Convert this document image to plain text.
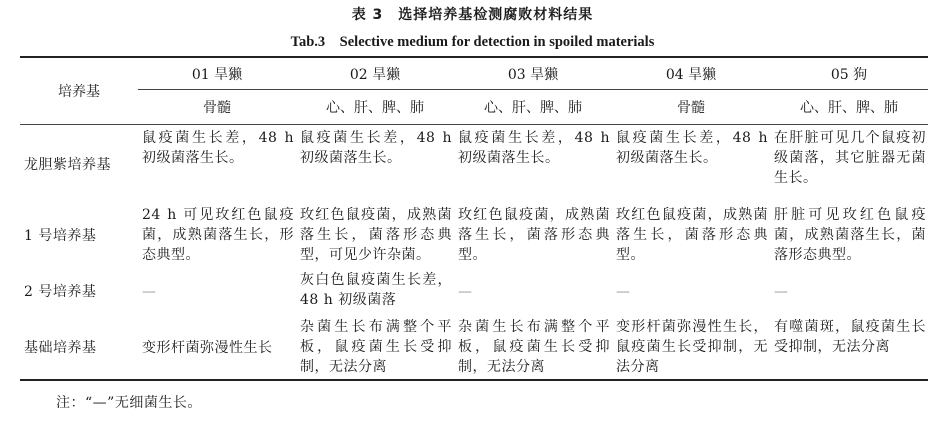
表 3　选择培养基检测腐败材料结果
Tab.3　Selective medium for detection in spoiled materials
培养基	01 旱獭	02 旱獭	03 旱獭	04 旱獭	05 狗
	骨髓	心、肝、脾、肺	心、肝、脾、肺	骨髓	心、肝、脾、肺
龙胆紫培养基	鼠疫菌生长差，48 h 初级菌落生长。	鼠疫菌生长差，48 h 初级菌落生长。	鼠疫菌生长差，48 h 初级菌落生长。	鼠疫菌生长差，48 h 初级菌落生长。	在肝脏可见几个鼠疫初级菌落，其它脏器无菌生长。
1 号培养基	24 h 可见玫红色鼠疫菌，成熟菌落生长，形态典型。	玫红色鼠疫菌，成熟菌落生长，菌落形态典型，可见少许杂菌。	玫红色鼠疫菌，成熟菌落生长，菌落形态典型。	玫红色鼠疫菌，成熟菌落生长，菌落形态典型。	肝脏可见玫红色鼠疫菌，成熟菌落生长，菌落形态典型。
2 号培养基	—	灰白色鼠疫菌生长差，48 h 初级菌落	—	—	—
基础培养基	变形杆菌弥漫性生长	杂菌生长布满整个平板，鼠疫菌生长受抑制，无法分离	杂菌生长布满整个平板，鼠疫菌生长受抑制，无法分离	变形杆菌弥漫性生长，鼠疫菌生长受抑制，无法分离	有噬菌斑，鼠疫菌生长受抑制，无法分离
注：“—”无细菌生长。
